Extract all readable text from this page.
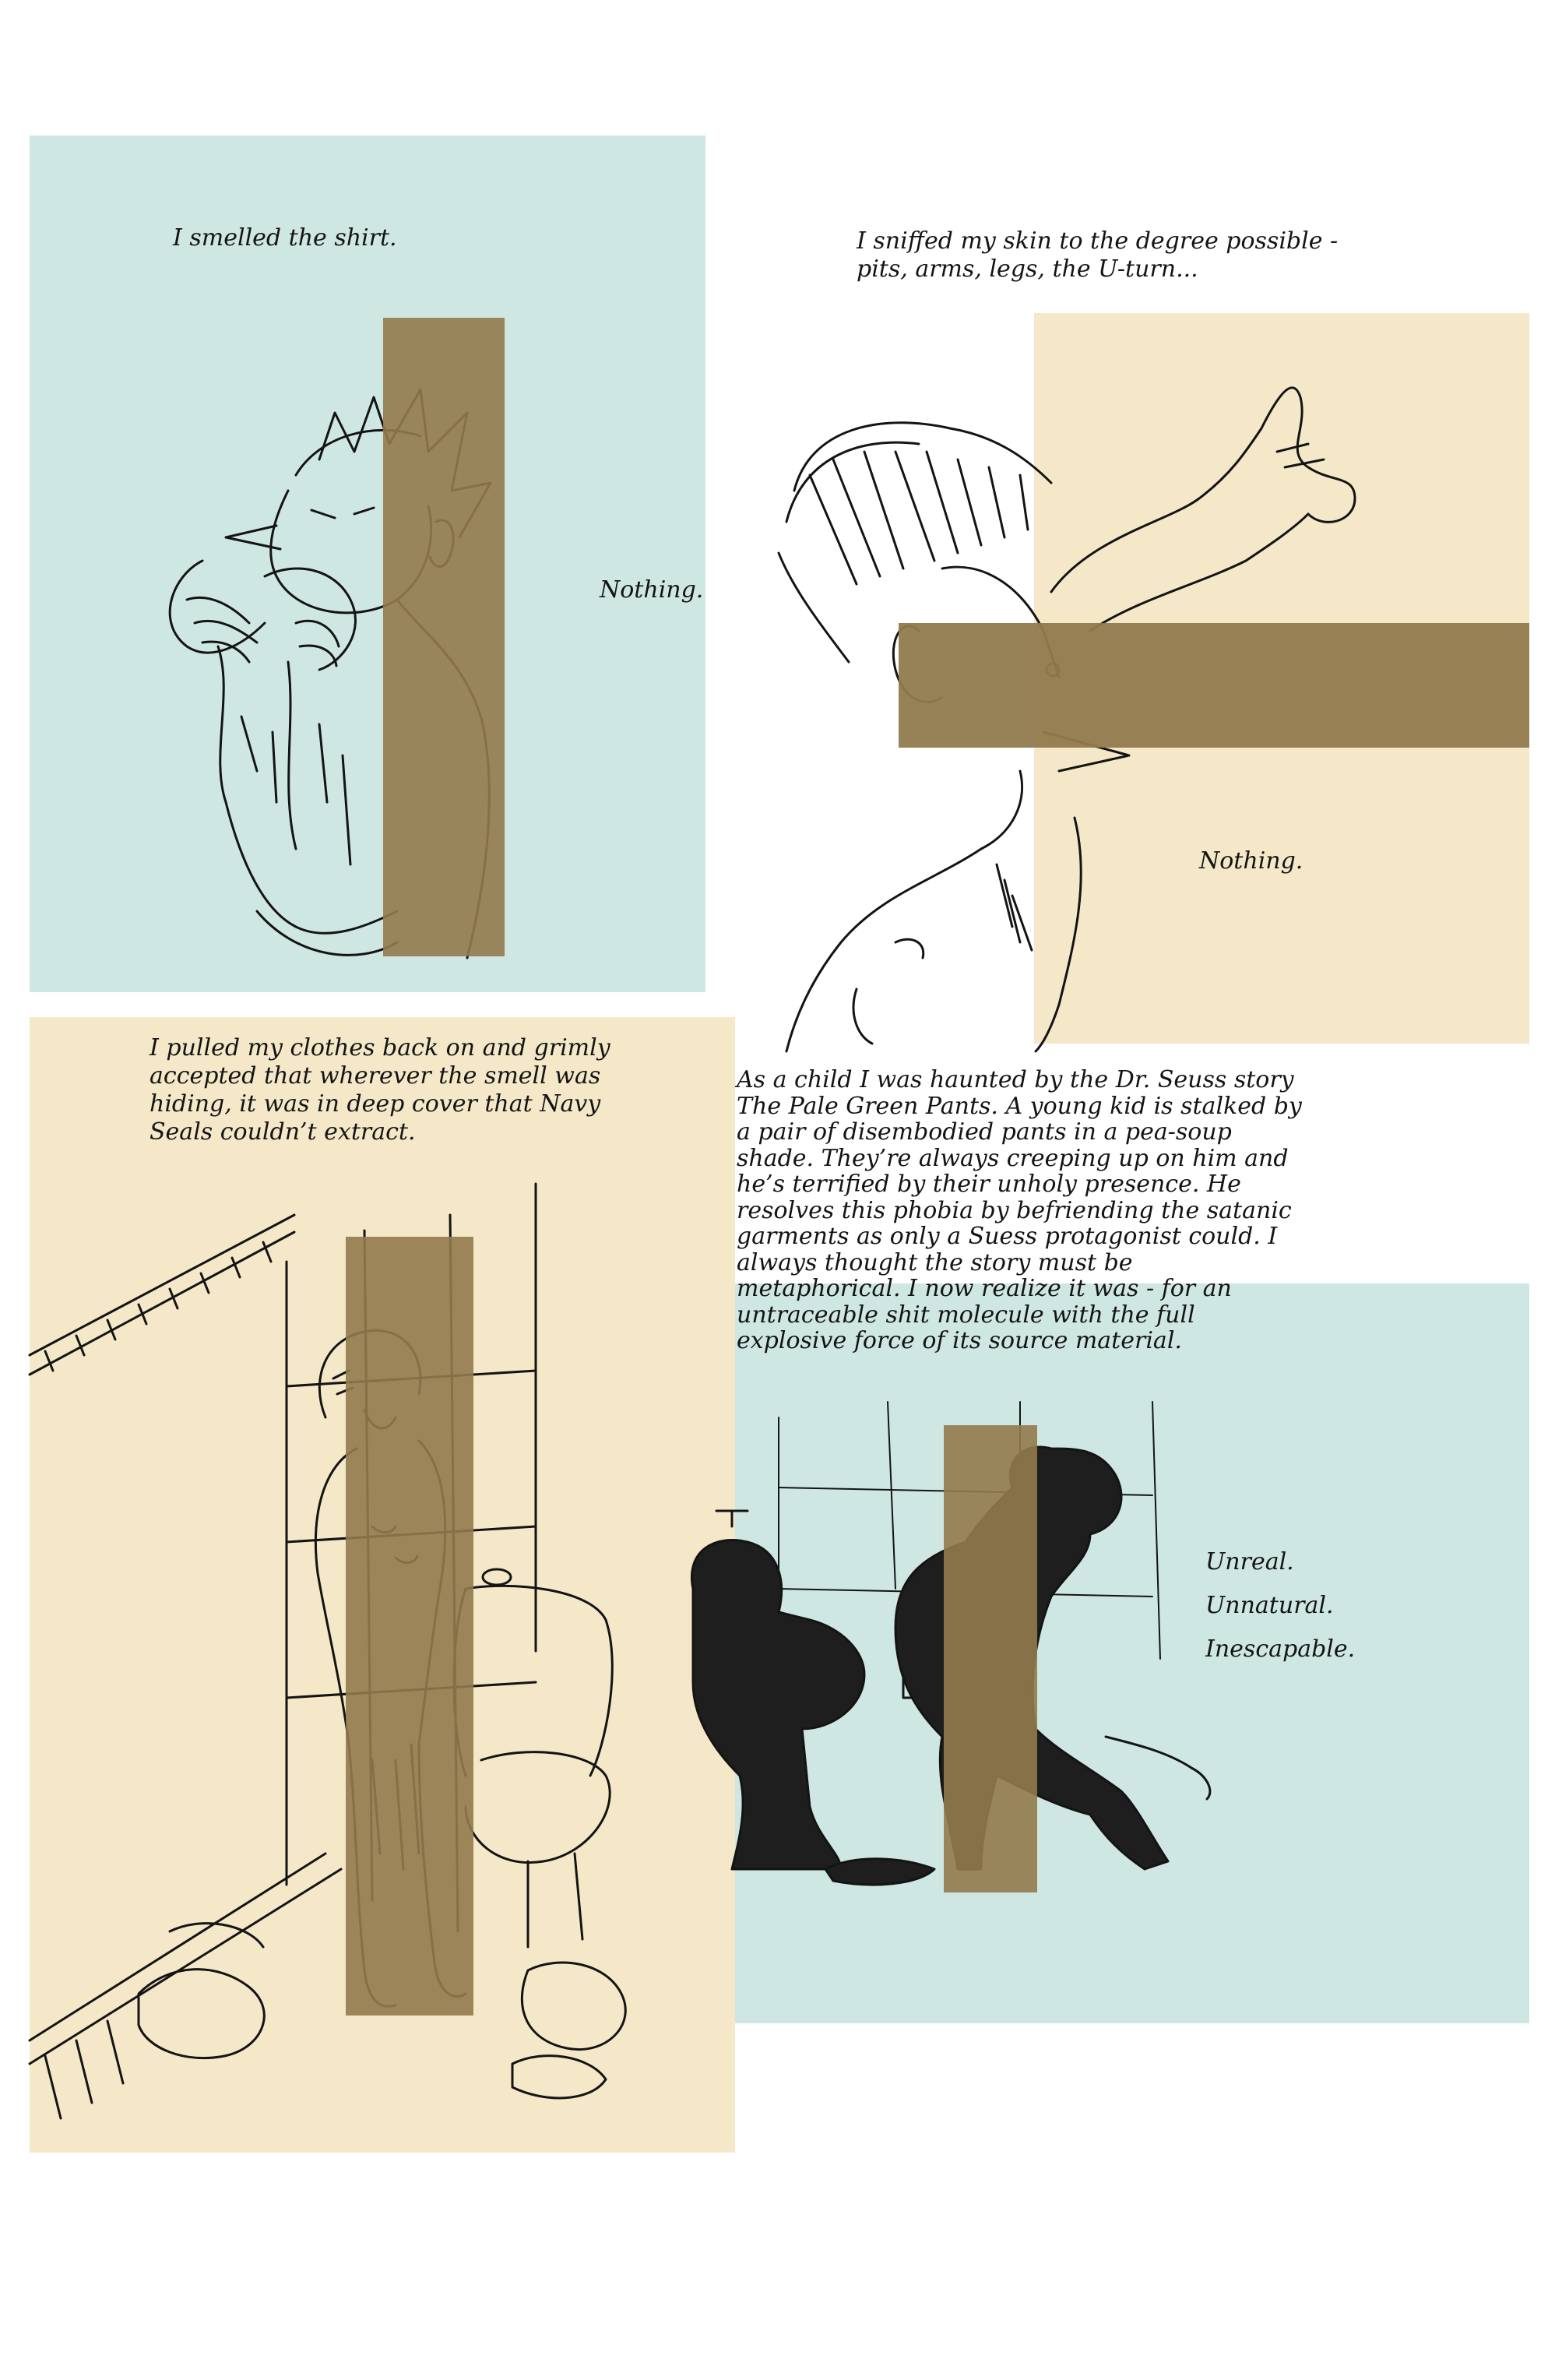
I smelled the shirt.
Nothing.

I sniffed my skin to the degree possible -

pits, arms, legs, the U-turn...

Nothing.

I pulled my clothes back on and grimly

accepted that wherever the smell was

hiding, it was in deep cover that Navy

Seals couldn’t extract.

As a child I was haunted by the Dr. Seuss story

The Pale Green Pants. A young kid is stalked by

a pair of disembodied pants in a pea-soup

shade. They’re always creeping up on him and

he’s terrified by their unholy presence. He

resolves this phobia by befriending the satanic

garments as only a Suess protagonist could. I

always thought the story must be

metaphorical. I now realize it was - for an

untraceable shit molecule with the full

explosive force of its source material.

Unreal.

Unnatural.

Inescapable.
